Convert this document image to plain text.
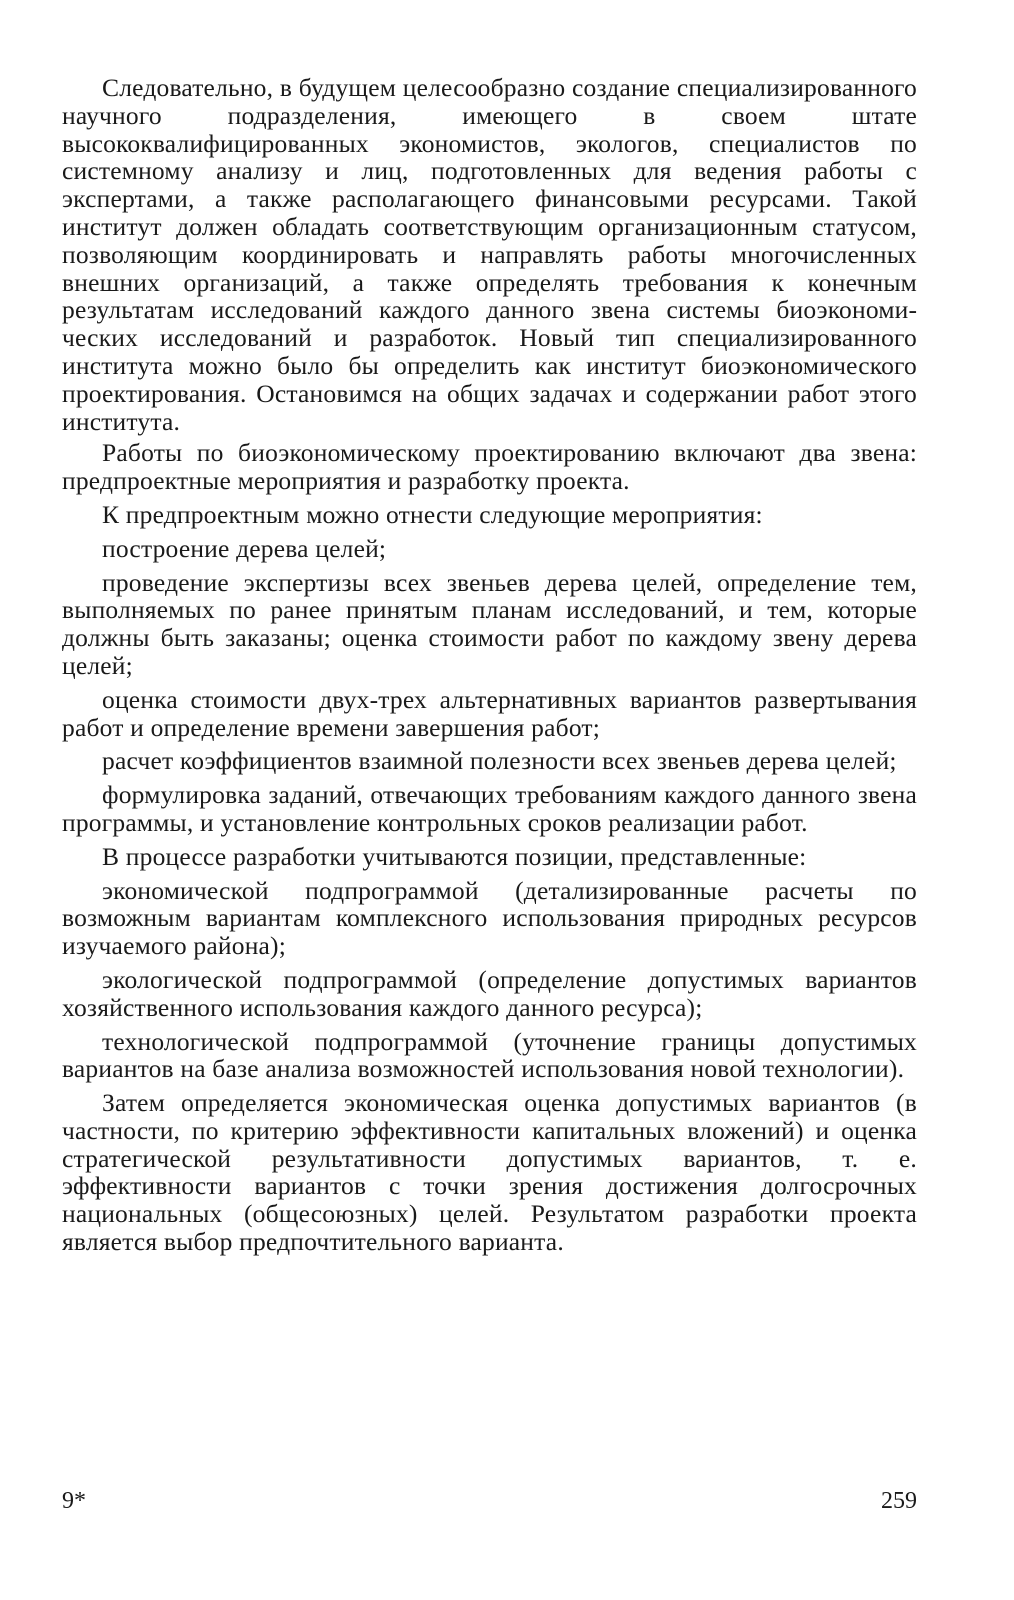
Следовательно, в будущем целесообразно создание специализированного научного подразделения, имеющего в своем штате высококвалифицированных экономистов, экологов, специалистов по системному анализу и лиц, подготовленных для ведения работы с экспертами, а также располагающего финансовыми ресурсами. Такой институт должен обладать соответствующим организационным статусом, позволяющим координировать и направлять работы многочисленных внешних организаций, а также определять требования к конечным результатам исследований каждого данного звена системы биоэкономических исследований и разработок. Новый тип специализированного института можно было бы определить как институт биоэкономического проектирования. Остановимся на общих задачах и содержании работ этого института.

Работы по биоэкономическому проектированию включают два звена: предпроектные мероприятия и разработку проекта.

К предпроектным можно отнести следующие мероприятия:

построение дерева целей;

проведение экспертизы всех звеньев дерева целей, определение тем, выполняемых по ранее принятым планам исследований, и тем, которые должны быть заказаны; оценка стоимости работ по каждому звену дерева целей;

оценка стоимости двух-трех альтернативных вариантов развертывания работ и определение времени завершения работ;

расчет коэффициентов взаимной полезности всех звеньев дерева целей;

формулировка заданий, отвечающих требованиям каждого данного звена программы, и установление контрольных сроков реализации работ.

В процессе разработки учитываются позиции, представленные:

экономической подпрограммой (детализированные расчеты по возможным вариантам комплексного использования природных ресурсов изучаемого района);

экологической подпрограммой (определение допустимых вариантов хозяйственного использования каждого данного ресурса);

технологической подпрограммой (уточнение границы допустимых вариантов на базе анализа возможностей использования новой технологии).

Затем определяется экономическая оценка допустимых вариантов (в частности, по критерию эффективности капитальных вложений) и оценка стратегической результативности допустимых вариантов, т. е. эффективности вариантов с точки зрения достижения долгосрочных национальных (общесоюзных) целей. Результатом разработки проекта является выбор предпочтительного варианта.

9*	259
